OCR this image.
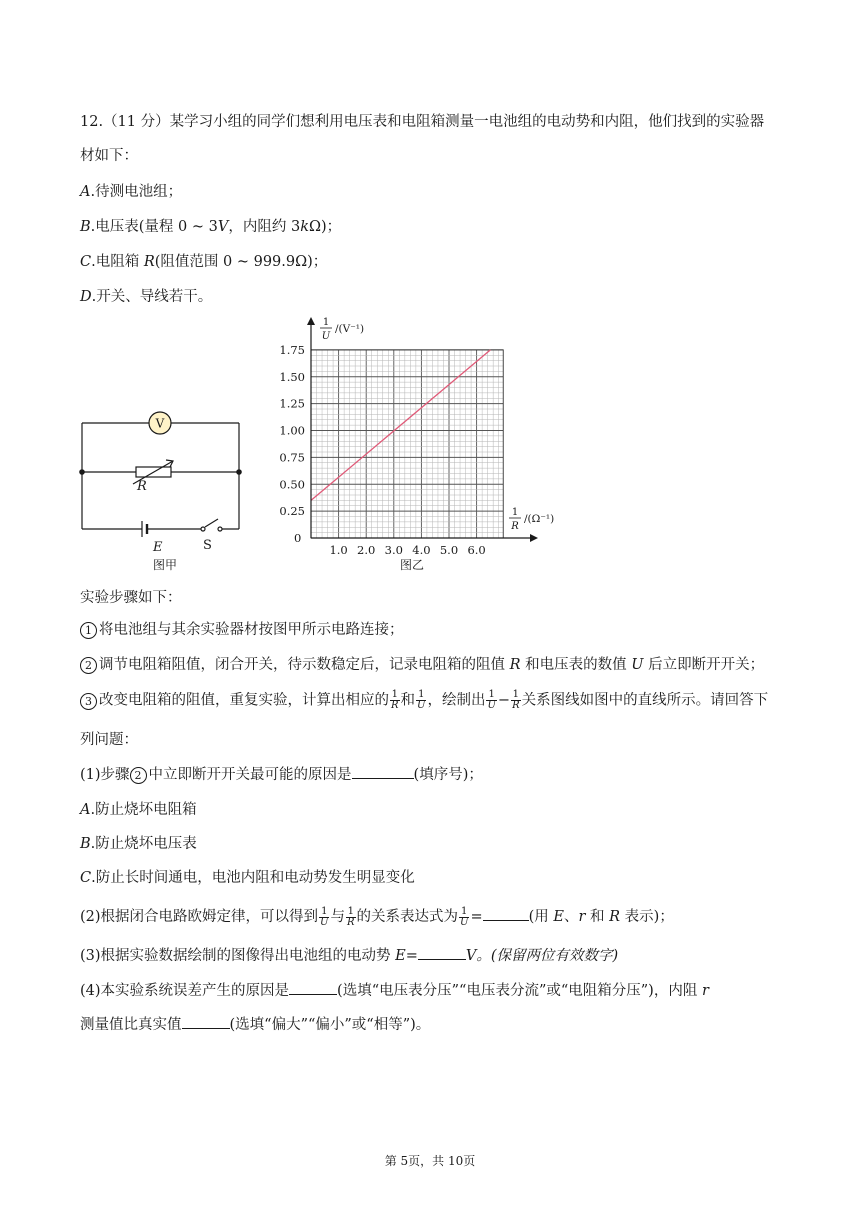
12.（11 分）某学习小组的同学们想利用电压表和电阻箱测量一电池组的电动势和内阻，他们找到的实验器
材如下：
A.待测电池组；
B.电压表(量程 0 ~ 3V，内阻约 3kΩ)；
C.电阻箱 R(阻值范围 0 ~ 999.9Ω)；
D.开关、导线若干。
V
R
E	S
图甲
1.0 2.0 3.0 4.0 5.0 6.0
0.25
0.50
0.75
1.00
1.25
1.50
1.75
0
1
U
/(V⁻¹)
1
R
/(Ω⁻¹)
图乙
实验步骤如下：
1 将电池组与其余实验器材按图甲所示电路连接；
2 调节电阻箱阻值，闭合开关，待示数稳定后，记录电阻箱的阻值 R 和电压表的数值 U 后立即断开开关；
3 改变电阻箱的阻值，重复实验，计算出相应的 $\frac{1}{R}$ 和 $\frac{1}{U}$ ，绘制出 $\frac{1}{U} - \frac{1}{R}$ 关系图线如图中的直线所示。请回答下
列问题：
(1)步骤 2 中立即断开开关最可能的原因是	(填序号)；
A.防止烧坏电阻箱
B.防止烧坏电压表
C.防止长时间通电，电池内阻和电动势发生明显变化
(2)根据闭合电路欧姆定律，可以得到 $\frac{1}{U}$ 与 $\frac{1}{R}$ 的关系表达式为 $\frac{1}{U}$ =	(用 E、r 和 R 表示)；
(3)根据实验数据绘制的图像得出电池组的电动势 E=	V。(保留两位有效数字)
(4)本实验系统误差产生的原因是	(选填“电压表分压”“电压表分流”或“电阻箱分压”)，内阻 r
测量值比真实值	(选填“偏大”“偏小”或“相等”)。
第 5页，共 10页
